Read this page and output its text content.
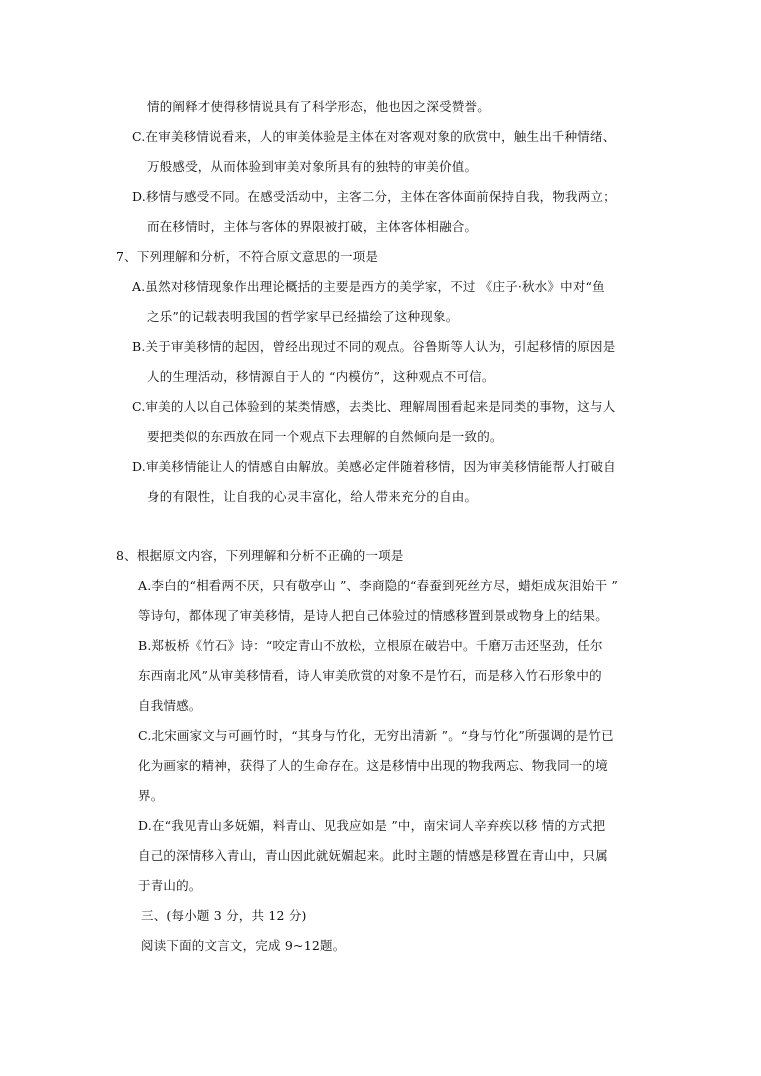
情的阐释才使得移情说具有了科学形态，他也因之深受赞誉。
C.在审美移情说看来，人的审美体验是主体在对客观对象的欣赏中，触生出千种情绪、
万般感受，从而体验到审美对象所具有的独特的审美价值。
D.移情与感受不同。在感受活动中，主客二分，主体在客体面前保持自我，物我两立；
而在移情时，主体与客体的界限被打破，主体客体相融合。
7、下列理解和分析，不符合原文意思的一项是
A.虽然对移情现象作出理论概括的主要是西方的美学家，不过 《庄子·秋水》中对“鱼
之乐”的记载表明我国的哲学家早已经描绘了这种现象。
B.关于审美移情的起因，曾经出现过不同的观点。谷鲁斯等人认为，引起移情的原因是
人的生理活动，移情源自于人的 “内模仿”，这种观点不可信。
C.审美的人以自己体验到的某类情感，去类比、理解周围看起来是同类的事物，这与人
要把类似的东西放在同一个观点下去理解的自然倾向是一致的。
D.审美移情能让人的情感自由解放。美感必定伴随着移情，因为审美移情能帮人打破自
身的有限性，让自我的心灵丰富化，给人带来充分的自由。
8、根据原文内容，下列理解和分析不正确的一项是
A.李白的“相看两不厌，只有敬亭山 ”、李商隐的“春蚕到死丝方尽，蜡炬成灰泪始干 ”
等诗句，都体现了审美移情，是诗人把自己体验过的情感移置到景或物身上的结果。
B.郑板桥《竹石》诗：“咬定青山不放松，立根原在破岩中。千磨万击还坚劲，任尔
东西南北风”从审美移情看，诗人审美欣赏的对象不是竹石，而是移入竹石形象中的
自我情感。
C.北宋画家文与可画竹时，“其身与竹化，无穷出清新 ”。“身与竹化”所强调的是竹已
化为画家的精神，获得了人的生命存在。这是移情中出现的物我两忘、物我同一的境
界。
D.在“我见青山多妩媚，料青山、见我应如是 ”中，南宋词人辛弃疾以移 情的方式把
自己的深情移入青山，青山因此就妩媚起来。此时主题的情感是移置在青山中，只属
于青山的。
三、(每小题 3 分，共 12 分)
阅读下面的文言文，完成 9~12题。
